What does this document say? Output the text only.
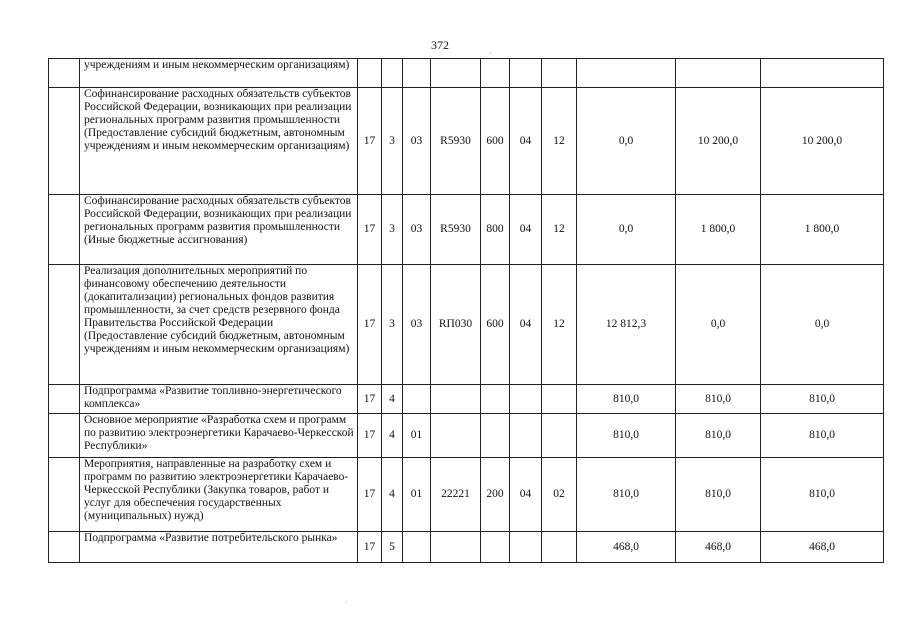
372
	учреждениям и иным некоммерческим организациям)										
	Софинансирование расходных обязательств субъектов Российской Федерации, возникающих при реализации региональных программ развития промышленности (Предоставление субсидий бюджетным, автономным учреждениям и иным некоммерческим организациям)	17	3	03	R5930	600	04	12	0,0	10 200,0	10 200,0
	Софинансирование расходных обязательств субъектов Российской Федерации, возникающих при реализации региональных программ развития промышленности (Иные бюджетные ассигнования)	17	3	03	R5930	800	04	12	0,0	1 800,0	1 800,0
	Реализация дополнительных мероприятий по финансовому обеспечению деятельности (докапитализации) региональных фондов развития промышленности, за счет средств резервного фонда Правительства Российской Федерации (Предоставление субсидий бюджетным, автономным учреждениям и иным некоммерческим организациям)	17	3	03	RП030	600	04	12	12 812,3	0,0	0,0
	Подпрограмма «Развитие топливно-энергетического комплекса»	17	4						810,0	810,0	810,0
	Основное мероприятие «Разработка схем и программ по развитию электроэнергетики Карачаево-Черкесской Республики»	17	4	01					810,0	810,0	810,0
	Мероприятия, направленные на разработку схем и программ по развитию электроэнергетики Карачаево-Черкесской Республики (Закупка товаров, работ и услуг для обеспечения государственных (муниципальных) нужд)	17	4	01	22221	200	04	02	810,0	810,0	810,0
	Подпрограмма «Развитие потребительского рынка»	17	5						468,0	468,0	468,0
·
·
